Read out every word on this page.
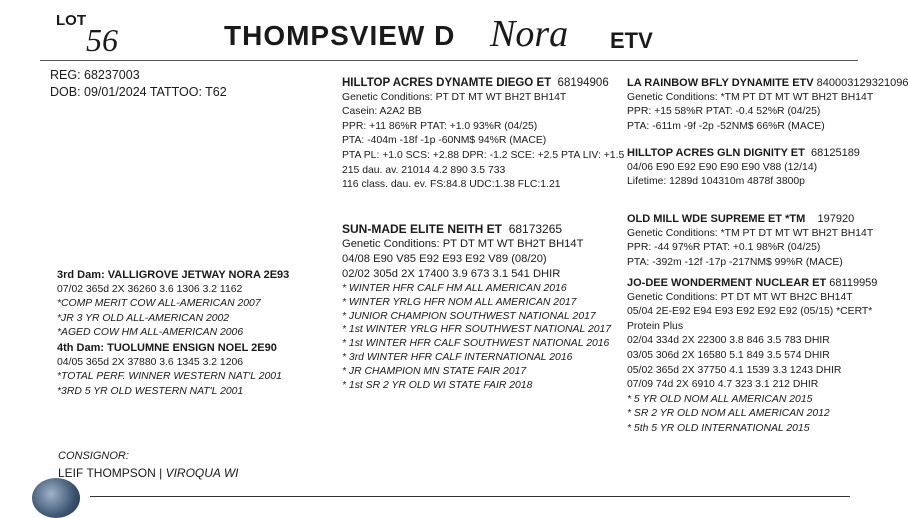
LOT
56	THOMPSVIEW D Nora ETV
REG: 68237003
DOB: 09/01/2024 TATTOO: T62
HILLTOP ACRES DYNAMTE DIEGO ET 68194906
Genetic Conditions: PT DT MT WT BH2T BH14T
Casein: A2A2 BB
PPR: +11 86%R PTAT: +1.0 93%R (04/25)
PTA: -404m -18f -1p -60NM$ 94%R (MACE)
PTA PL: +1.0 SCS: +2.88 DPR: -1.2 SCE: +2.5 PTA LIV: +1.5
215 dau. av. 21014 4.2 890 3.5 733
116 class. dau. ev. FS:84.8 UDC:1.38 FLC:1.21
SUN-MADE ELITE NEITH ET 68173265
Genetic Conditions: PT DT MT WT BH2T BH14T
04/08 E90 V85 E92 E93 E92 V89 (08/20)
02/02 305d 2X 17400 3.9 673 3.1 541 DHIR
* WINTER HFR CALF HM ALL AMERICAN 2016
* WINTER YRLG HFR NOM ALL AMERICAN 2017
* JUNIOR CHAMPION SOUTHWEST NATIONAL 2017
* 1st WINTER YRLG HFR SOUTHWEST NATIONAL 2017
* 1st WINTER HFR CALF SOUTHWEST NATIONAL 2016
* 3rd WINTER HFR CALF INTERNATIONAL 2016
* JR CHAMPION MN STATE FAIR 2017
* 1st SR 2 YR OLD WI STATE FAIR 2018
LA RAINBOW BFLY DYNAMITE ETV 840003129321096
Genetic Conditions: *TM PT DT MT WT BH2T BH14T
PPR: +15 58%R PTAT: -0.4 52%R (04/25)
PTA: -611m -9f -2p -52NM$ 66%R (MACE)
HILLTOP ACRES GLN DIGNITY ET 68125189
04/06 E90 E92 E90 E90 E90 V88 (12/14)
Lifetime: 1289d 104310m 4878f 3800p
OLD MILL WDE SUPREME ET *TM 197920
Genetic Conditions: *TM PT DT MT WT BH2T BH14T
PPR: -44 97%R PTAT: +0.1 98%R (04/25)
PTA: -392m -12f -17p -217NM$ 99%R (MACE)
JO-DEE WONDERMENT NUCLEAR ET 68119959
Genetic Conditions: PT DT MT WT BH2C BH14T
05/04 2E-E92 E94 E93 E92 E92 E92 (05/15) *CERT*
Protein Plus
02/04 334d 2X 22300 3.8 846 3.5 783 DHIR
03/05 306d 2X 16580 5.1 849 3.5 574 DHIR
05/02 365d 2X 37750 4.1 1539 3.3 1243 DHIR
07/09 74d 2X 6910 4.7 323 3.1 212 DHIR
* 5 YR OLD NOM ALL AMERICAN 2015
* SR 2 YR OLD NOM ALL AMERICAN 2012
* 5th 5 YR OLD INTERNATIONAL 2015
3rd Dam: VALLIGROVE JETWAY NORA 2E93
07/02 365d 2X 36260 3.6 1306 3.2 1162
*COMP MERIT COW ALL-AMERICAN 2007
*JR 3 YR OLD ALL-AMERICAN 2002
*AGED COW HM ALL-AMERICAN 2006
4th Dam: TUOLUMNE ENSIGN NOEL 2E90
04/05 365d 2X 37880 3.6 1345 3.2 1206
*TOTAL PERF. WINNER WESTERN NAT'L 2001
*3RD 5 YR OLD WESTERN NAT'L 2001
CONSIGNOR:
LEIF THOMPSON | VIROQUA WI
